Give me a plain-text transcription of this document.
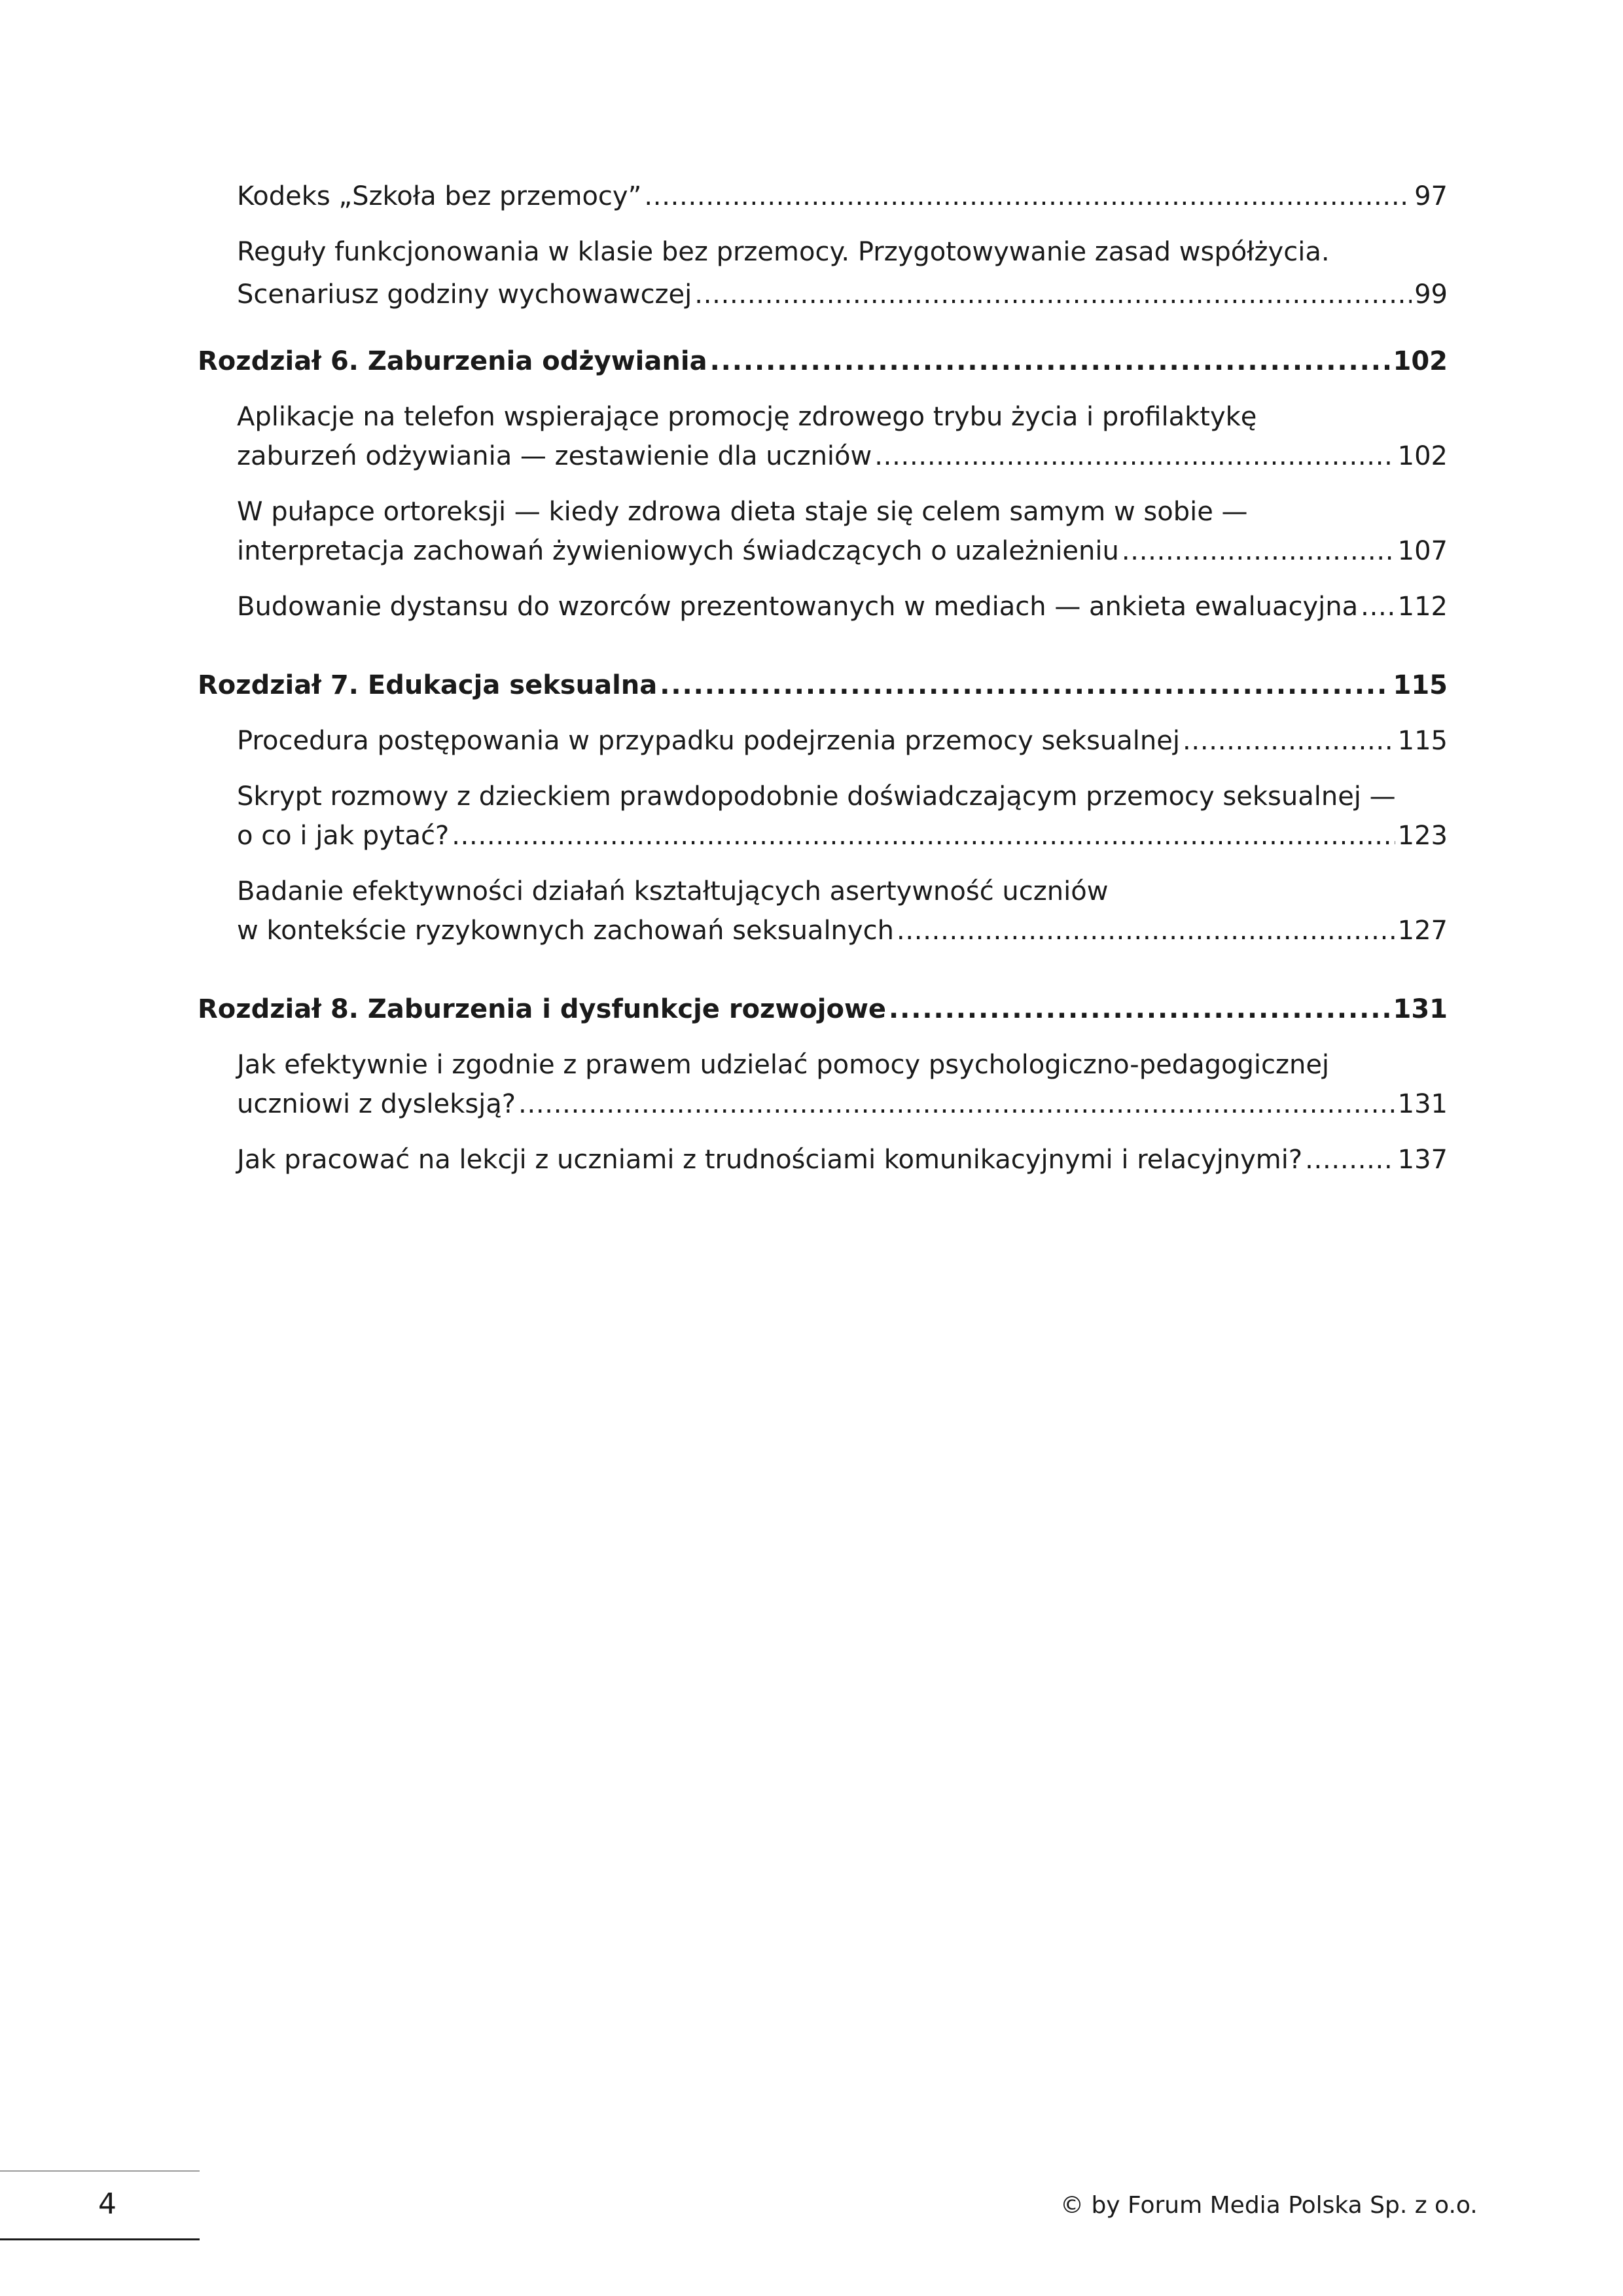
Kodeks „Szkoła bez przemocy” . . .	97
Reguły funkcjonowania w klasie bez przemocy. Przygotowywanie zasad współżycia.
Scenariusz godziny wychowawczej . . .	99
Rozdział 6. Zaburzenia odżywiania . . .	102
Aplikacje na telefon wspierające promocję zdrowego trybu życia i profilaktykę
zaburzeń odżywiania — zestawienie dla uczniów . . .	102
W pułapce ortoreksji — kiedy zdrowa dieta staje się celem samym w sobie —
interpretacja zachowań żywieniowych świadczących o uzależnieniu . . .	107
Budowanie dystansu do wzorców prezentowanych w mediach — ankieta ewaluacyjna . . . 112
Rozdział 7. Edukacja seksualna . . .	115
Procedura postępowania w przypadku podejrzenia przemocy seksualnej . . .	115
Skrypt rozmowy z dzieckiem prawdopodobnie doświadczającym przemocy seksualnej —
o co i jak pytać? . . .	123
Badanie efektywności działań kształtujących asertywność uczniów
w kontekście ryzykownych zachowań seksualnych . . .	127
Rozdział 8. Zaburzenia i dysfunkcje rozwojowe . . .	131
Jak efektywnie i zgodnie z prawem udzielać pomocy psychologiczno-pedagogicznej
uczniowi z dysleksją? . . .	131
Jak pracować na lekcji z uczniami z trudnościami komunikacyjnymi i relacyjnymi? . . .	137
4	© by Forum Media Polska Sp. z o.o.
